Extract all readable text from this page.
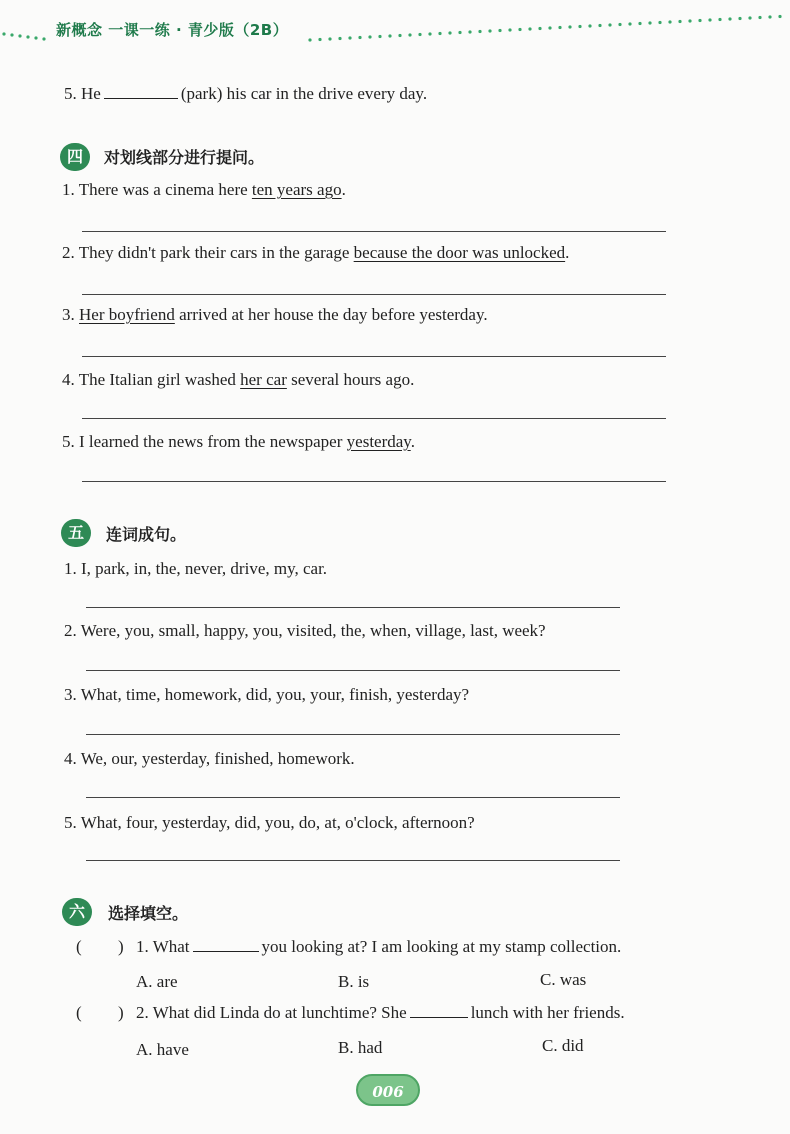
新概念 一课一练 · 青少版（2B）
5. He	(park) his car in the drive every day.
四	对划线部分进行提问。
1. There was a cinema here ten years ago.
2. They didn't park their cars in the garage because the door was unlocked.
3. Her boyfriend arrived at her house the day before yesterday.
4. The Italian girl washed her car several hours ago.
5. I learned the news from the newspaper yesterday.
五	连词成句。
1. I, park, in, the, never, drive, my, car.
2. Were, you, small, happy, you, visited, the, when, village, last, week?
3. What, time, homework, did, you, your, finish, yesterday?
4. We, our, yesterday, finished, homework.
5. What, four, yesterday, did, you, do, at, o'clock, afternoon?
六	选择填空。
( ) 1. What	you looking at? I am looking at my stamp collection.
A. are	B. is	C. was
( ) 2. What did Linda do at lunchtime? She	lunch with her friends.
A. have	B. had	C. did
006
